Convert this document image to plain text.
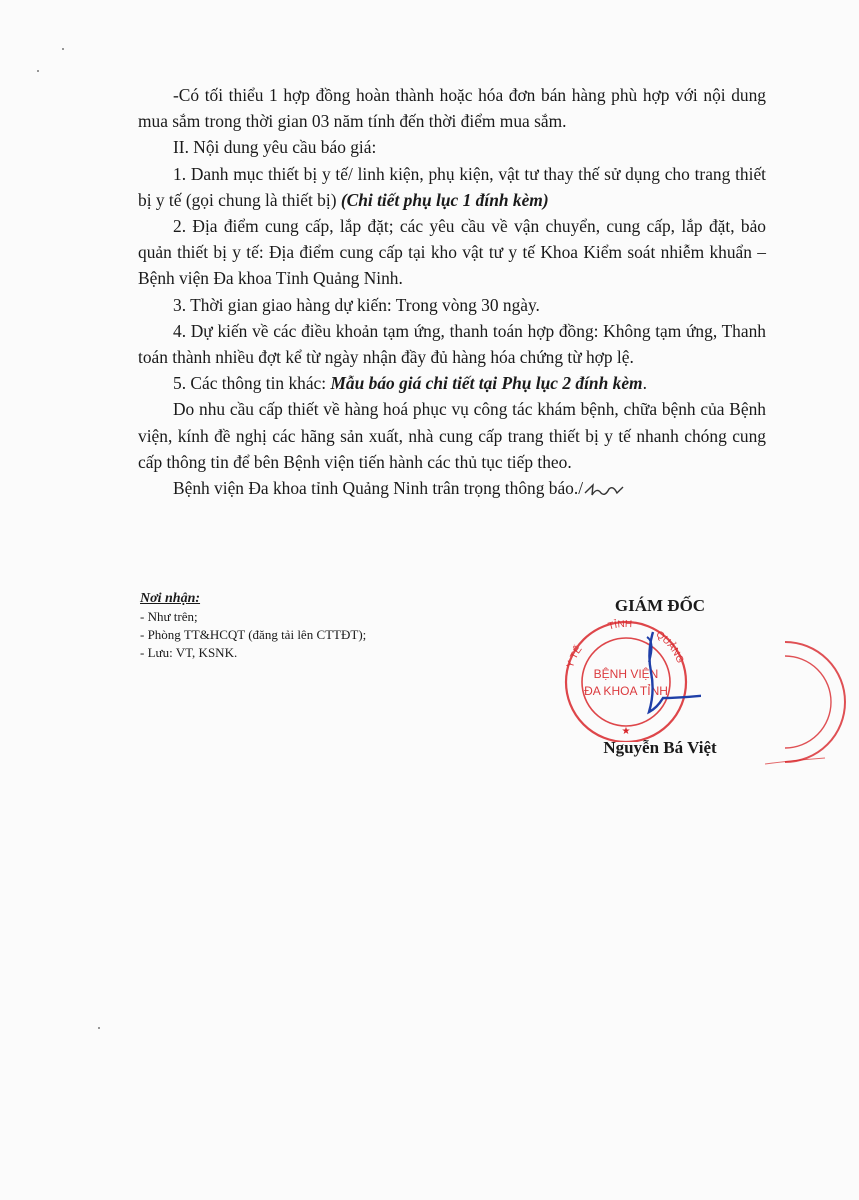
-Có tối thiểu 1 hợp đồng hoàn thành hoặc hóa đơn bán hàng phù hợp với nội dung mua sắm trong thời gian 03 năm tính đến thời điểm mua sắm.

II. Nội dung yêu cầu báo giá:

1. Danh mục thiết bị y tế/ linh kiện, phụ kiện, vật tư thay thế sử dụng cho trang thiết bị y tế (gọi chung là thiết bị) (Chi tiết phụ lục 1 đính kèm)

2. Địa điểm cung cấp, lắp đặt; các yêu cầu về vận chuyển, cung cấp, lắp đặt, bảo quản thiết bị y tế: Địa điểm cung cấp tại kho vật tư y tế Khoa Kiểm soát nhiễm khuẩn – Bệnh viện Đa khoa Tỉnh Quảng Ninh.

3. Thời gian giao hàng dự kiến: Trong vòng 30 ngày.

4. Dự kiến về các điều khoản tạm ứng, thanh toán hợp đồng: Không tạm ứng, Thanh toán thành nhiều đợt kể từ ngày nhận đầy đủ hàng hóa chứng từ hợp lệ.

5. Các thông tin khác: Mẫu báo giá chi tiết tại Phụ lục 2 đính kèm.

Do nhu cầu cấp thiết về hàng hoá phục vụ công tác khám bệnh, chữa bệnh của Bệnh viện, kính đề nghị các hãng sản xuất, nhà cung cấp trang thiết bị y tế nhanh chóng cung cấp thông tin để bên Bệnh viện tiến hành các thủ tục tiếp theo.

Bệnh viện Đa khoa tỉnh Quảng Ninh trân trọng thông báo./

Nơi nhận:
- Như trên;
- Phòng TT&HCQT (đăng tải lên CTTĐT);
- Lưu: VT, KSNK.
GIÁM ĐỐC
Y TẾ
TỈNH
QUẢNG
BỆNH VIỆN
ĐA KHOA TỈNH
★
Nguyễn Bá Việt
